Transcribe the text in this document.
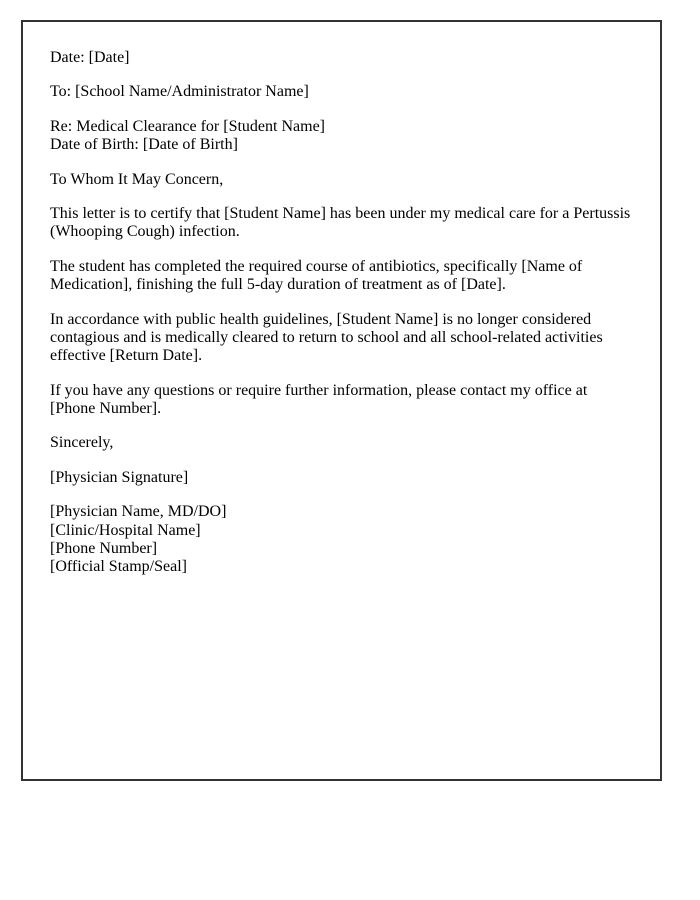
Date: [Date]

To: [School Name/Administrator Name]

Re: Medical Clearance for [Student Name]
Date of Birth: [Date of Birth]

To Whom It May Concern,

This letter is to certify that [Student Name] has been under my medical care for a Pertussis (Whooping Cough) infection.

The student has completed the required course of antibiotics, specifically [Name of Medication], finishing the full 5-day duration of treatment as of [Date].

In accordance with public health guidelines, [Student Name] is no longer considered contagious and is medically cleared to return to school and all school-related activities effective [Return Date].

If you have any questions or require further information, please contact my office at [Phone Number].

Sincerely,

[Physician Signature]

[Physician Name, MD/DO]
[Clinic/Hospital Name]
[Phone Number]
[Official Stamp/Seal]
